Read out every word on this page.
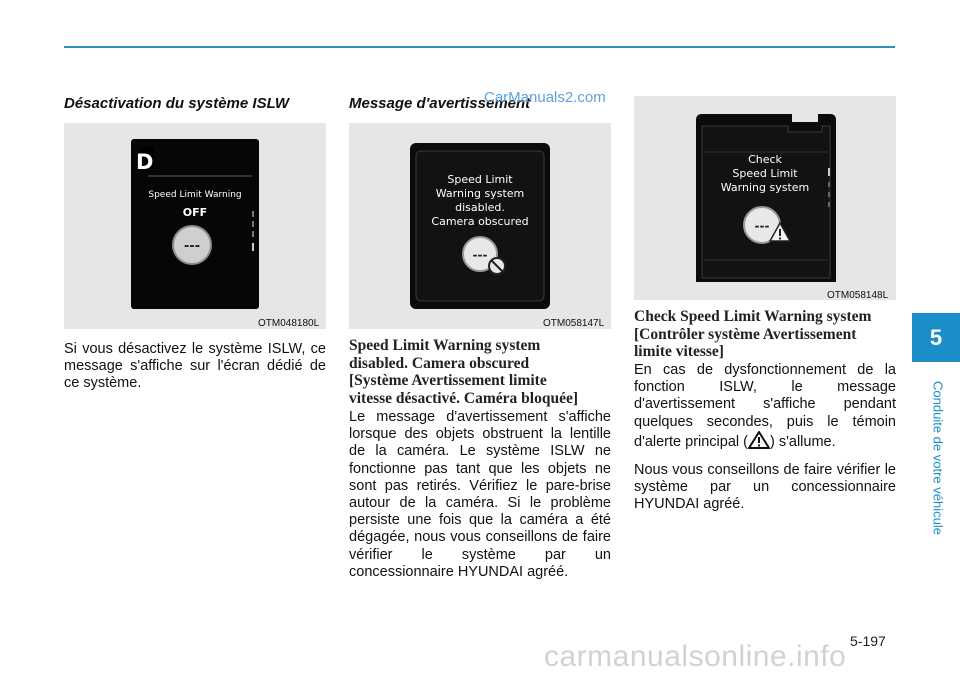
Désactivation du système ISLW
D
Speed Limit Warning
OFF
---
OTM048180L

Si vous désactivez le système ISLW, ce message s'affiche sur l'écran dédié de ce système.

Message d'avertissement
CarManuals2.com
Speed Limit
Warning system
disabled.
Camera obscured
---
OTM058147L
Speed Limit Warning system
disabled. Camera obscured
[Système Avertissement limite
vitesse désactivé. Caméra bloquée]

Le message d'avertissement s'affiche lorsque des objets obstruent la lentille de la caméra. Le système ISLW ne fonctionne pas tant que les objets ne sont pas retirés. Vérifiez le pare-brise autour de la caméra. Si le problème persiste une fois que la caméra a été dégagée, nous vous conseillons de faire vérifier le système par un concessionnaire HYUNDAI agréé.

Check
Speed Limit
Warning system
---
OTM058148L
Check Speed Limit Warning system
[Contrôler système Avertissement
limite vitesse]

En cas de dysfonctionnement de la fonction ISLW, le message d'avertissement s'affiche pendant quelques secondes, puis le témoin d'alerte principal ( ) s'allume.

Nous vous conseillons de faire vérifier le système par un concessionnaire HYUNDAI agréé.

5
Conduite de votre véhicule
5-197
carmanualsonline.info
